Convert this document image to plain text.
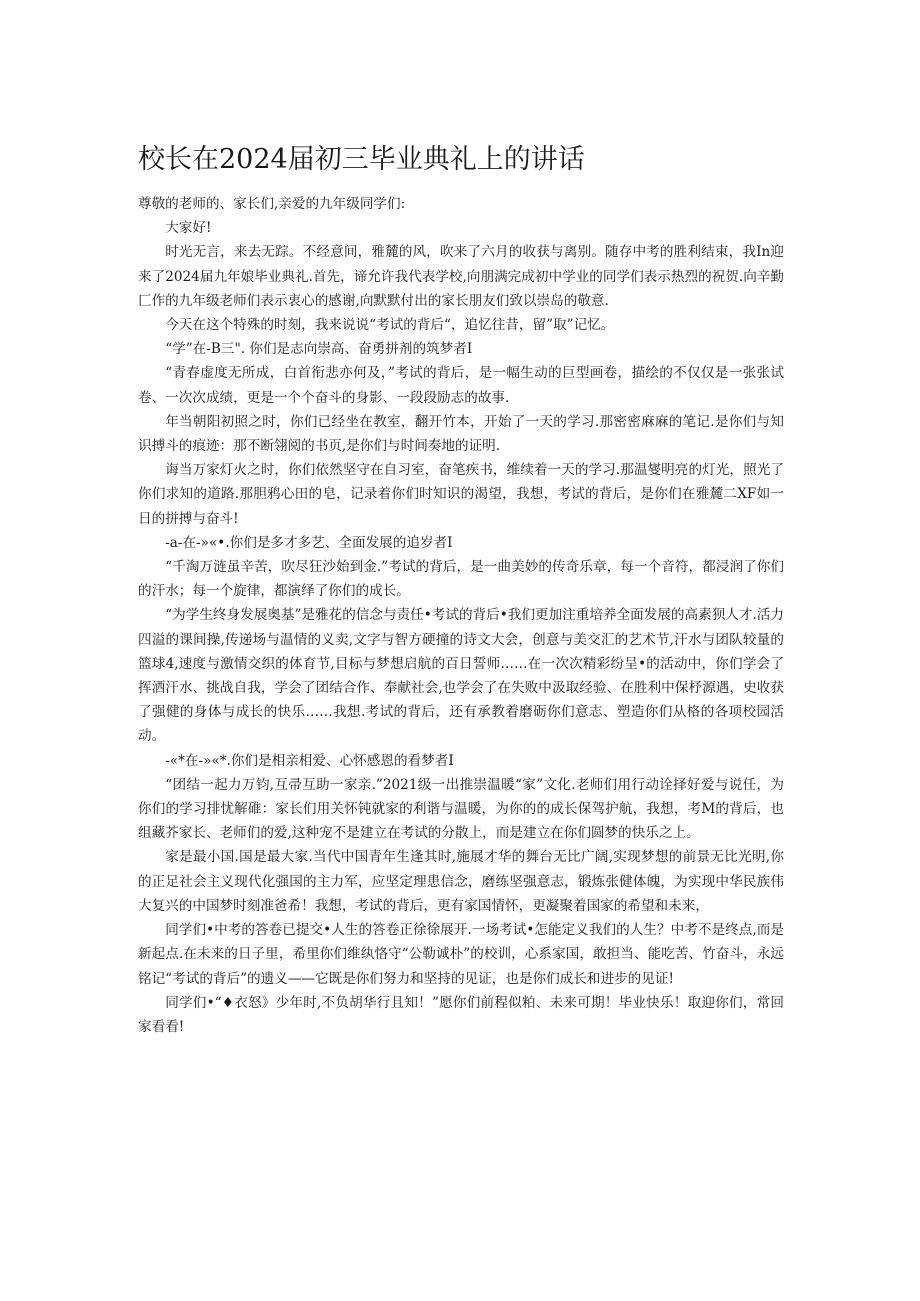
校长在2024届初三毕业典礼上的讲话

尊敬的老师的、家长们,亲爱的九年级同学们:

大家好!

时光无言，来去无踪。不经意间，雅麓的风，吹来了六月的收获与离别。随存中考的胜利结束，我In迎来了2024届九年娘毕业典礼.首先，谛允许我代表学校,向朋满完成初中学业的同学们表示热烈的祝贺.向辛勤匚作的九年级老师们表示衷心的感谢,向默默付出的家长朋友们致以崇岛的敬意.

今天在这个特殊的时刻，我来说说“考试的背后“，追忆往昔，留”取”记忆。

“学”在-B三". 你们是志向崇高、奋勇拼剂的筑梦者I

“青春虚度无所成，白首衔悲亦何及，”考试的背后，是一幅生动的巨型画卷，描绘的不仅仅是一张张试卷、一次次成绩，更是一个个奋斗的身影、一段段励志的故事.

年当朝阳初照之时，你们已经坐在教室，翻开竹本，开始了一天的学习.那密密麻麻的笔记.是你们与知识搏斗的痕迹：那不断翎阅的书页,是你们与时间奏地的证明.

诲当万家灯火之时，你们依然坚守在自习室，奋笔疾书，维续着一天的学习.那温燮明亮的灯光，照光了你们求知的道路.那胆鸦心田的皂，记录着你们时知识的渴望，我想，考试的背后，是你们在雅麓二XF如一日的拼搏与奋斗!

-a-在-»«•.你们是多才多艺、全面发展的追岁者I

“千淘万涟虽辛苦，吹尽狂沙始到金.”考试的背后，是一曲美妙的传奇乐章，每一个音符，都浸润了你们的汗水；每一个旋律，都演绎了你们的成长。

“为学生终身发展奥基”是雅花的信念与责任•考试的背后•我们更加注重培养全面发展的高素狈人才.活力四溢的课间操,传递场与温情的义卖,文字与智方硬撞的诗文大会，创意与美交汇的艺术节,汗水与团队较量的篮球4,速度与激情交织的体育节,目标与梦想启航的百日誓师……在一次次精彩纷呈•的活动中，你们学会了挥洒汗水、挑战自我，学会了团结合作、奉献社会,也学会了在失败中汲取经验、在胜利中保杼源遇，史收获了强健的身体与成长的快乐……我想.考试的背后，还有承教着磨砺你们意志、塑造你们从格的各项校园活动。

-«*在-»«*.你们是相亲相爱、心怀感恩的看梦者I

“团结一起力万钧,互帚互助一家亲.”2021级一出推崇温暖“家”文化.老师们用行动诠择好爱与说任，为你们的学习排忧解碓：家长们用关怀钝就家的利谐与温暖，为你的的成长保驾护航，我想，考M的背后，也组藏芥家长、老师们的爱,这种宠不是建立在考试的分散上，而是建立在你们圆梦的快乐之上。

家是最小国.国是最大家.当代中国青年生逢其时,施展才华的舞台无比广阔,实现梦想的前景无比光明,你的正足社会主义现代化强国的主力军，应坚定理患信念，磨练坚强意志，锻炼张健体魄，为实现中华民族伟大复兴的中国梦时刻准爸希！我想，考试的背后，更有家国情怀，更凝聚着国家的希望和未来，

同学们•中考的答卷已提交•人生的答卷正徐徐展开.一场考试•怎能定义我们的人生？中考不是终点,而是新起点.在未来的日子里，希里你们维纨恪守“公勒诚朴”的校训，心系家国，敢担当、能吃苦、竹奋斗，永远铭记“考试的背后”的遗义——它既是你们努力和坚持的见证，也是你们成长和进步的见证!

同学们•“♦衣怒》少年时,不负胡华行且知！”愿你们前程似粕、未来可期！毕业快乐！取迎你们，常回家看看!
